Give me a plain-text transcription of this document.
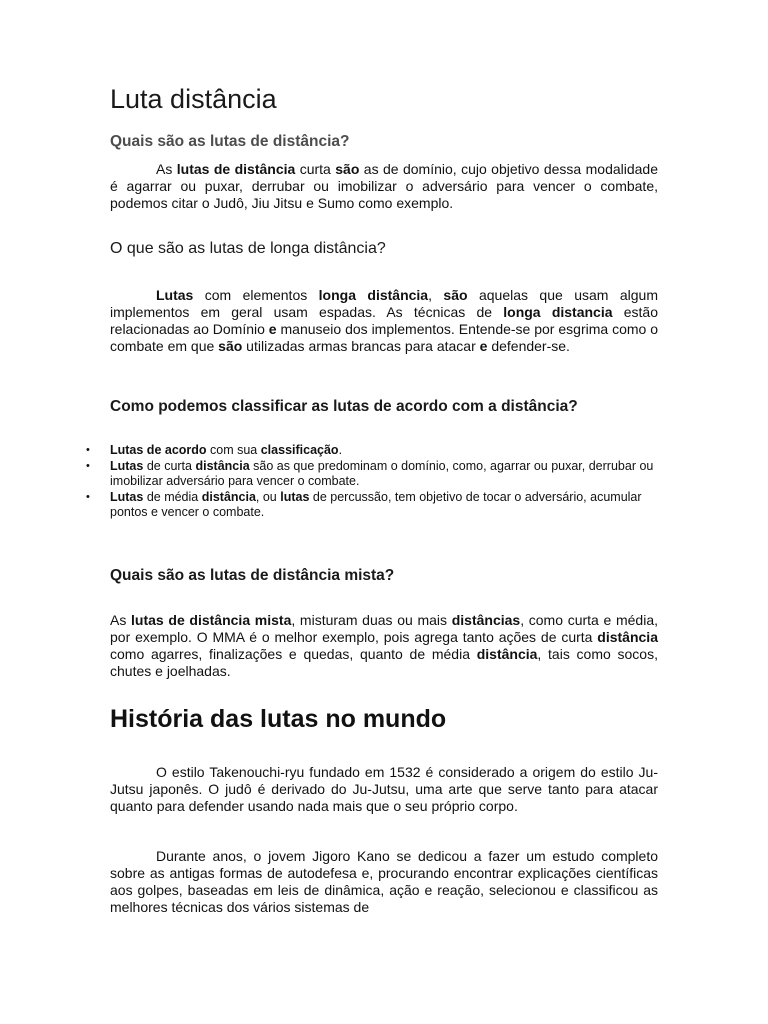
Luta distância
Quais são as lutas de distância?

As lutas de distância curta são as de domínio, cujo objetivo dessa modalidade é agarrar ou puxar, derrubar ou imobilizar o adversário para vencer o combate, podemos citar o Judô, Jiu Jitsu e Sumo como exemplo.

O que são as lutas de longa distância?

Lutas com elementos longa distância, são aquelas que usam algum implementos em geral usam espadas. As técnicas de longa distancia estão relacionadas ao Domínio e manuseio dos implementos. Entende-se por esgrima como o combate em que são utilizadas armas brancas para atacar e defender-se.

Como podemos classificar as lutas de acordo com a distância?
• Lutas de acordo com sua classificação.
• Lutas de curta distância são as que predominam o domínio, como, agarrar ou puxar, derrubar ou imobilizar adversário para vencer o combate.
• Lutas de média distância, ou lutas de percussão, tem objetivo de tocar o adversário, acumular pontos e vencer o combate.
Quais são as lutas de distância mista?

As lutas de distância mista, misturam duas ou mais distâncias, como curta e média, por exemplo. O MMA é o melhor exemplo, pois agrega tanto ações de curta distância como agarres, finalizações e quedas, quanto de média distância, tais como socos, chutes e joelhadas.

História das lutas no mundo

O estilo Takenouchi-ryu fundado em 1532 é considerado a origem do estilo Ju-Jutsu japonês. O judô é derivado do Ju-Jutsu, uma arte que serve tanto para atacar quanto para defender usando nada mais que o seu próprio corpo.

Durante anos, o jovem Jigoro Kano se dedicou a fazer um estudo completo sobre as antigas formas de autodefesa e, procurando encontrar explicações científicas aos golpes, baseadas em leis de dinâmica, ação e reação, selecionou e classificou as melhores técnicas dos vários sistemas de
